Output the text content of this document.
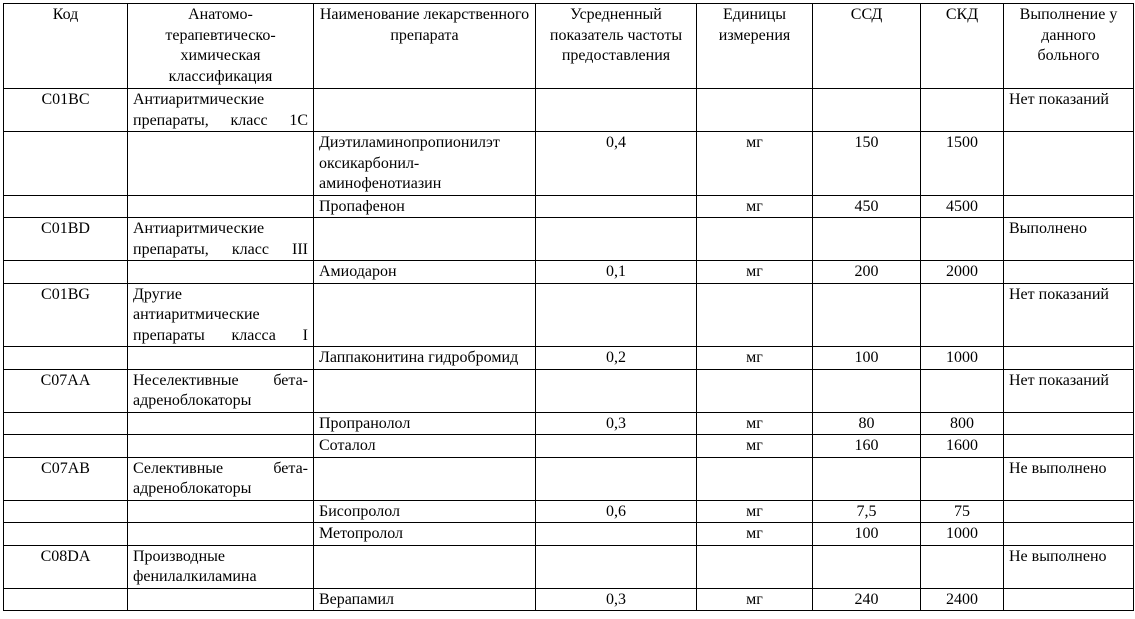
Код	Анатомо-терапевтическо-химическая классификация	Наименование лекарственного препарата	Усредненный показатель частоты предоставления	Единицы измерения	ССД	СКД	Выполнение у данного больного
C01BC	Антиаритмические препараты, класс 1С						Нет показаний
		Диэтиламинопропионилэт оксикарбонил-аминофенотиазин	0,4	мг	150	1500	
		Пропафенон		мг	450	4500	
C01BD	Антиаритмические препараты, класс III						Выполнено
		Амиодарон	0,1	мг	200	2000	
C01BG	Другие антиаритмические препараты класса I						Нет показаний
		Лаппаконитина гидробромид	0,2	мг	100	1000	
C07AA	Неселективные бета-адреноблокаторы						Нет показаний
		Пропранолол	0,3	мг	80	800	
		Соталол		мг	160	1600	
C07AB	Селективные бета-адреноблокаторы						Не выполнено
		Бисопролол	0,6	мг	7,5	75	
		Метопролол		мг	100	1000	
C08DA	Производные фенилалкиламина						Не выполнено
		Верапамил	0,3	мг	240	2400	
